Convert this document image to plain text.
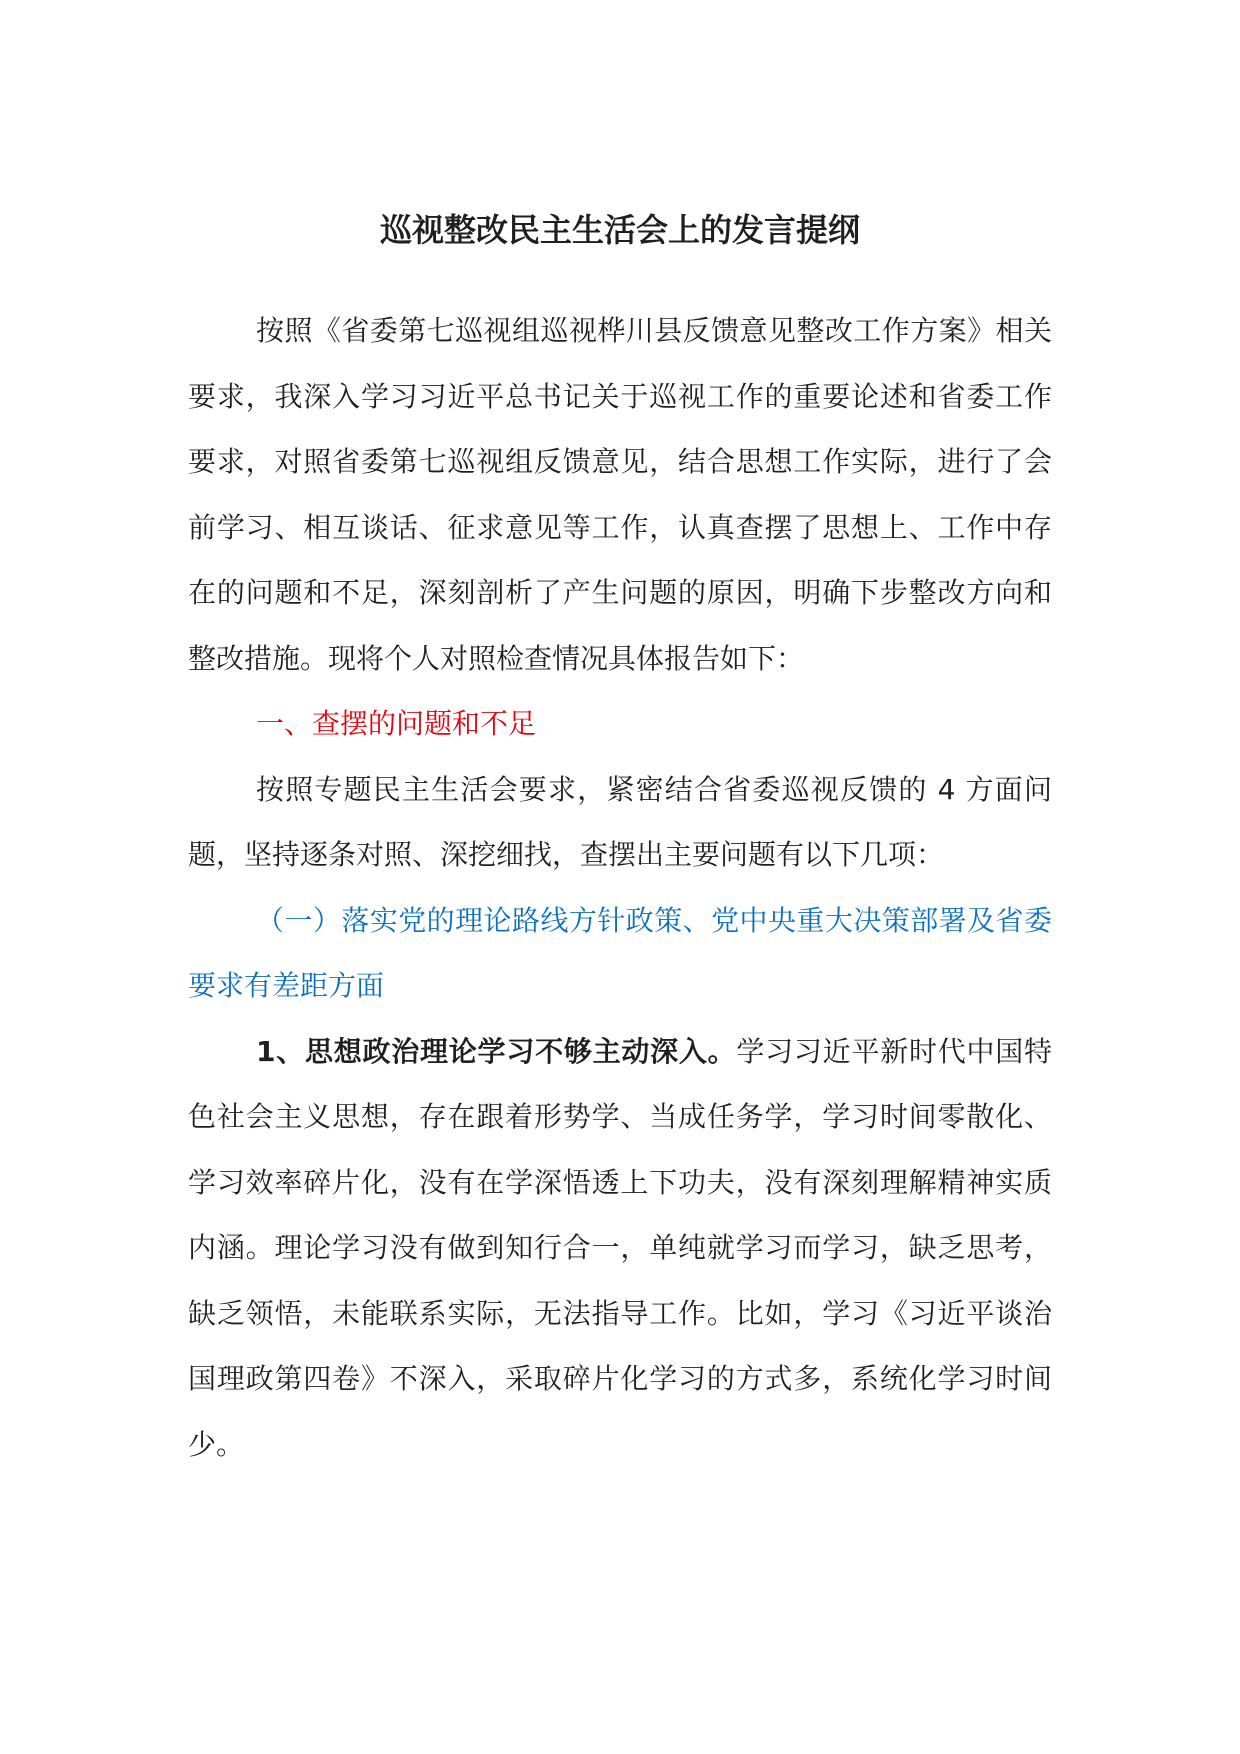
巡视整改民主生活会上的发言提纲

按照《省委第七巡视组巡视桦川县反馈意见整改工作方案》相关要求，我深入学习习近平总书记关于巡视工作的重要论述和省委工作要求，对照省委第七巡视组反馈意见，结合思想工作实际，进行了会前学习、相互谈话、征求意见等工作，认真查摆了思想上、工作中存在的问题和不足，深刻剖析了产生问题的原因，明确下步整改方向和整改措施。现将个人对照检查情况具体报告如下：

一、查摆的问题和不足

按照专题民主生活会要求，紧密结合省委巡视反馈的 4 方面问题，坚持逐条对照、深挖细找，查摆出主要问题有以下几项：

（一）落实党的理论路线方针政策、党中央重大决策部署及省委要求有差距方面

1、思想政治理论学习不够主动深入。学习习近平新时代中国特色社会主义思想，存在跟着形势学、当成任务学，学习时间零散化、学习效率碎片化，没有在学深悟透上下功夫，没有深刻理解精神实质内涵。理论学习没有做到知行合一，单纯就学习而学习，缺乏思考，缺乏领悟，未能联系实际，无法指导工作。比如，学习《习近平谈治国理政第四卷》不深入，采取碎片化学习的方式多，系统化学习时间少。
